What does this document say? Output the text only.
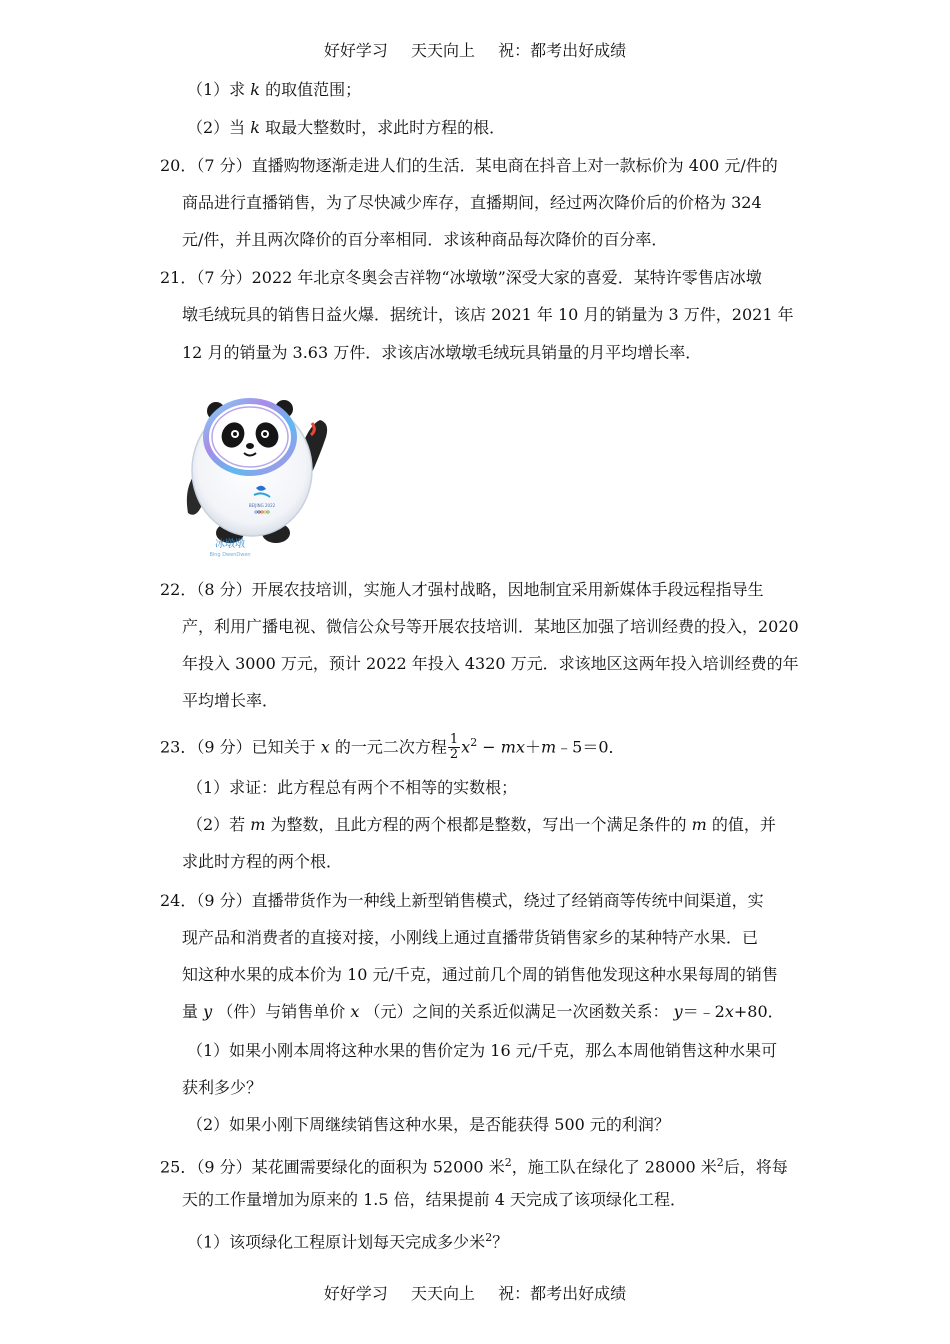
好好学习 天天向上 祝：都考出好成绩
（1）求 k 的取值范围；
（2）当 k 取最大整数时，求此时方程的根．
20．（7 分）直播购物逐渐走进人们的生活．某电商在抖音上对一款标价为 400 元/件的
商品进行直播销售，为了尽快减少库存，直播期间，经过两次降价后的价格为 324
元/件，并且两次降价的百分率相同．求该种商品每次降价的百分率．
21．（7 分）2022 年北京冬奥会吉祥物“冰墩墩”深受大家的喜爱．某特许零售店冰墩
墩毛绒玩具的销售日益火爆．据统计，该店 2021 年 10 月的销量为 3 万件，2021 年
12 月的销量为 3.63 万件．求该店冰墩墩毛绒玩具销量的月平均增长率．
BEIJING 2022
冰墩墩
Bing DwenDwen
22．（8 分）开展农技培训，实施人才强村战略，因地制宜采用新媒体手段远程指导生
产，利用广播电视、微信公众号等开展农技培训．某地区加强了培训经费的投入，2020
年投入 3000 万元，预计 2022 年投入 4320 万元．求该地区这两年投入培训经费的年
平均增长率．
23．（9 分）已知关于 x 的一元二次方程 $\frac{1}{2} x^2$ − mx＋m﹣5＝0．
（1）求证：此方程总有两个不相等的实数根；
（2）若 m 为整数，且此方程的两个根都是整数，写出一个满足条件的 m 的值，并
求此时方程的两个根．
24．（9 分）直播带货作为一种线上新型销售模式，绕过了经销商等传统中间渠道，实
现产品和消费者的直接对接，小刚线上通过直播带货销售家乡的某种特产水果．已
知这种水果的成本价为 10 元/千克，通过前几个周的销售他发现这种水果每周的销售
量 y （件）与销售单价 x （元）之间的关系近似满足一次函数关系： y＝﹣2x+80．
（1）如果小刚本周将这种水果的售价定为 16 元/千克，那么本周他销售这种水果可
获利多少？
（2）如果小刚下周继续销售这种水果，是否能获得 500 元的利润？
25．（9 分）某花圃需要绿化的面积为 52000 米$^2$，施工队在绿化了 28000 米$^2$后，将每
天的工作量增加为原来的 1.5 倍，结果提前 4 天完成了该项绿化工程．
（1）该项绿化工程原计划每天完成多少米$^2$？
好好学习 天天向上 祝：都考出好成绩
